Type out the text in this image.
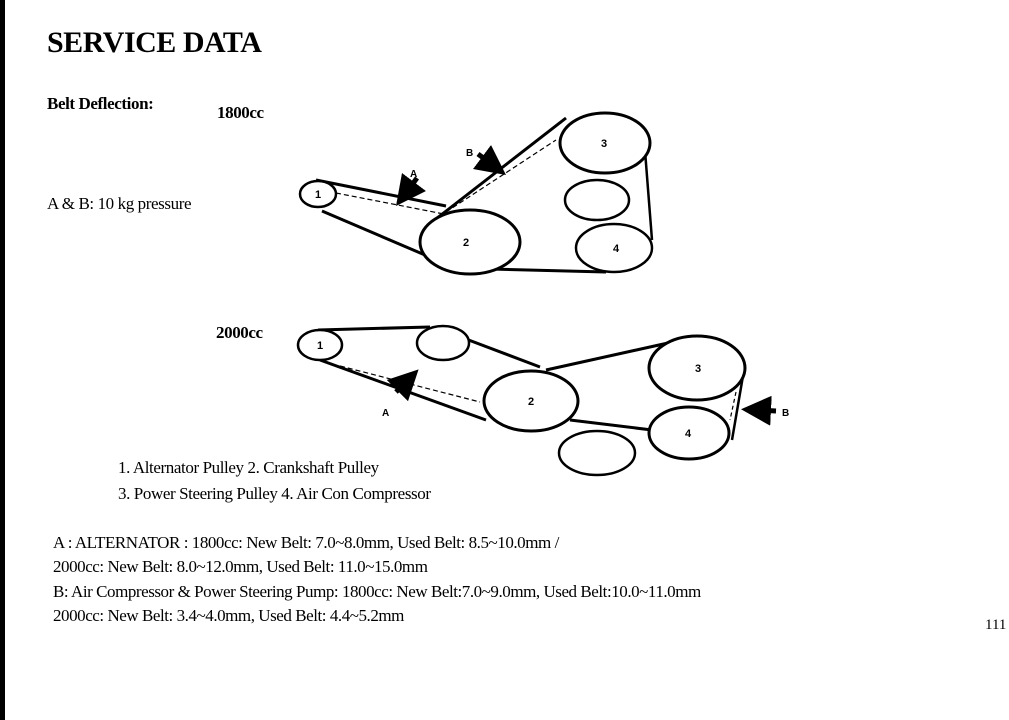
SERVICE DATA
Belt Deflection:	1800cc
A & B: 10 kg pressure
2000cc
1
2
3
4
A
B
1
2
3
4
A	B
1. Alternator Pulley 2. Crankshaft Pulley
3. Power Steering Pulley 4. Air Con Compressor
A : ALTERNATOR : 1800cc: New Belt: 7.0~8.0mm, Used Belt: 8.5~10.0mm /
2000cc: New Belt: 8.0~12.0mm, Used Belt: 11.0~15.0mm
B: Air Compressor & Power Steering Pump: 1800cc: New Belt:7.0~9.0mm, Used Belt:10.0~11.0mm
2000cc: New Belt: 3.4~4.0mm, Used Belt: 4.4~5.2mm	111
